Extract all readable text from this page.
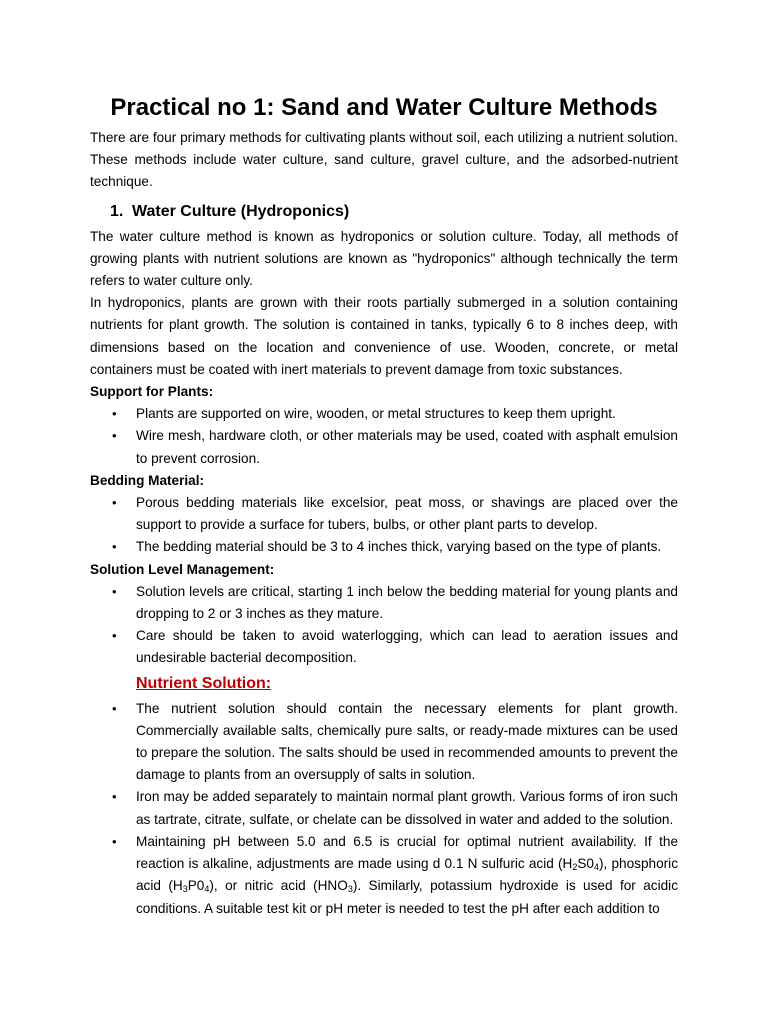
Practical no 1: Sand and Water Culture Methods

There are four primary methods for cultivating plants without soil, each utilizing a nutrient solution. These methods include water culture, sand culture, gravel culture, and the adsorbed-nutrient technique.

1. Water Culture (Hydroponics)

The water culture method is known as hydroponics or solution culture. Today, all methods of growing plants with nutrient solutions are known as "hydroponics" although technically the term refers to water culture only.

In hydroponics, plants are grown with their roots partially submerged in a solution containing nutrients for plant growth. The solution is contained in tanks, typically 6 to 8 inches deep, with dimensions based on the location and convenience of use. Wooden, concrete, or metal containers must be coated with inert materials to prevent damage from toxic substances.

Support for Plants:

• Plants are supported on wire, wooden, or metal structures to keep them upright.
• Wire mesh, hardware cloth, or other materials may be used, coated with asphalt emulsion to prevent corrosion.

Bedding Material:

• Porous bedding materials like excelsior, peat moss, or shavings are placed over the support to provide a surface for tubers, bulbs, or other plant parts to develop.
• The bedding material should be 3 to 4 inches thick, varying based on the type of plants.

Solution Level Management:

• Solution levels are critical, starting 1 inch below the bedding material for young plants and dropping to 2 or 3 inches as they mature.
• Care should be taken to avoid waterlogging, which can lead to aeration issues and undesirable bacterial decomposition.
Nutrient Solution:
• The nutrient solution should contain the necessary elements for plant growth. Commercially available salts, chemically pure salts, or ready-made mixtures can be used to prepare the solution. The salts should be used in recommended amounts to prevent the damage to plants from an oversupply of salts in solution.
• Iron may be added separately to maintain normal plant growth. Various forms of iron such as tartrate, citrate, sulfate, or chelate can be dissolved in water and added to the solution.
• Maintaining pH between 5.0 and 6.5 is crucial for optimal nutrient availability. If the reaction is alkaline, adjustments are made using d 0.1 N sulfuric acid $(H_2S0_4)$, phosphoric acid $(H_3P0_4)$, or nitric acid $(HNO_3)$. Similarly, potassium hydroxide is used for acidic conditions. A suitable test kit or pH meter is needed to test the pH after each addition to
